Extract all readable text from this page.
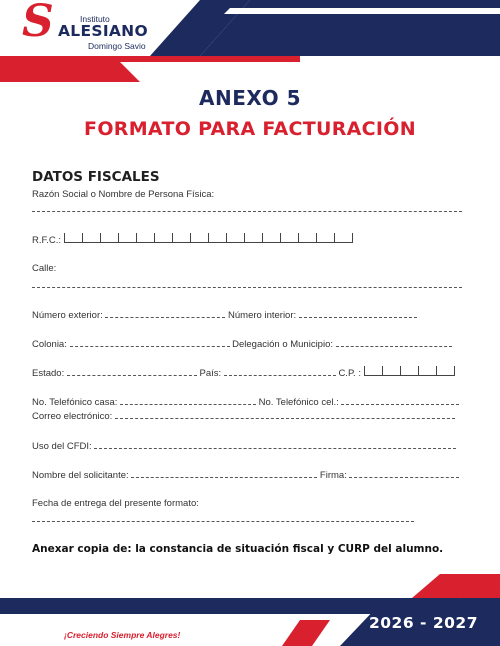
S	Instituto
ALESIANO
Domingo Savio
ANEXO 5
FORMATO PARA FACTURACIÓN
DATOS FISCALES
Razón Social o Nombre de Persona Física:
R.F.C.:
Calle:
Número exterior:	Número interior:
Colonia:	Delegación o Municipio:
Estado:	País:	C.P. :
No. Telefónico casa:	No. Telefónico cel.:
Correo electrónico:
Uso del CFDI:
Nombre del solicitante:	Firma:
Fecha de entrega del presente formato:
Anexar copia de: la constancia de situación fiscal y CURP del alumno.
¡Creciendo Siempre Alegres!
2026 - 2027
